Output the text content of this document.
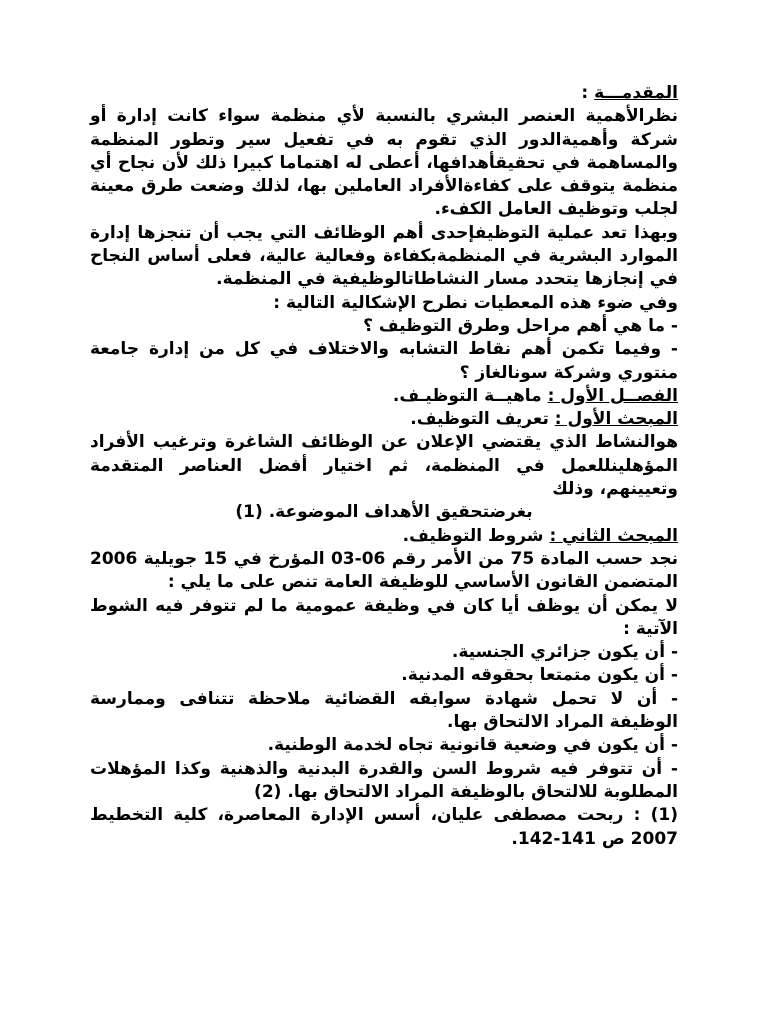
المقدمـــة :

نظرالأهمية العنصر البشري بالنسبة لأي منظمة سواء كانت إدارة أو شركة وأهميةالدور الذي تقوم به في تفعيل سير وتطور المنظمة والمساهمة في تحقيقأهدافها، أعطى له اهتماما كبيرا ذلك لأن نجاح أي منظمة يتوقف على كفاءةالأفراد العاملين بها، لذلك وضعت طرق معينة لجلب وتوظيف العامل الكفء.

وبهذا تعد عملية التوظيفإحدى أهم الوظائف التي يجب أن تنجزها إدارة الموارد البشرية في المنظمةبكفاءة وفعالية عالية، فعلى أساس النجاح في إنجازها يتحدد مسار النشاطاتالوظيفية في المنظمة.

وفي ضوء هذه المعطيات نطرح الإشكالية التالية :

- ما هي أهم مراحل وطرق التوظيف ؟

- وفيما تكمن أهم نقاط التشابه والاختلاف في كل من إدارة جامعة منتوري وشركة سونالغاز ؟

الفصــل الأول : ماهيــة التوظيـف.

المبحث الأول : تعريف التوظيف.

هوالنشاط الذي يقتضي الإعلان عن الوظائف الشاغرة وترغيب الأفراد المؤهلينللعمل في المنظمة، ثم اختيار أفضل العناصر المتقدمة وتعيينهم، وذلك

بغرضتحقيق الأهداف الموضوعة. (1)

المبحث الثاني : شروط التوظيف.

نجد حسب المادة 75 من الأمر رقم 06-03 المؤرخ في 15 جويلية 2006 المتضمن القانون الأساسي للوظيفة العامة تنص على ما يلي :

لا يمكن أن يوظف أيا كان في وظيفة عمومية ما لم تتوفر فيه الشوط الآتية :

- أن يكون جزائري الجنسية.

- أن يكون متمتعا بحقوقه المدنية.

- أن لا تحمل شهادة سوابقه القضائية ملاحظة تتنافى وممارسة الوظيفة المراد الالتحاق بها.

- أن يكون في وضعية قانونية تجاه لخدمة الوطنية.

- أن تتوفر فيه شروط السن والقدرة البدنية والذهنية وكذا المؤهلات المطلوبة للالتحاق بالوظيفة المراد الالتحاق بها. (2)

(1) : ربحت مصطفى عليان، أسس الإدارة المعاصرة، كلية التخطيط 2007 ص 141-142.
